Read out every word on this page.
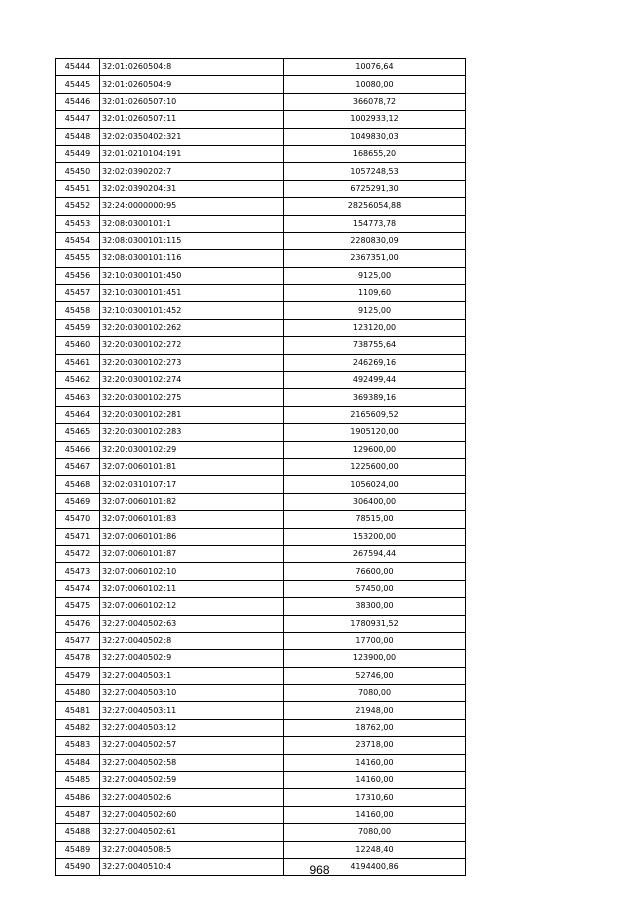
45444	32:01:0260504:8	10076,64
45445	32:01:0260504:9	10080,00
45446	32:01:0260507:10	366078,72
45447	32:01:0260507:11	1002933,12
45448	32:02:0350402:321	1049830,03
45449	32:01:0210104:191	168655,20
45450	32:02:0390202:7	1057248,53
45451	32:02:0390204:31	6725291,30
45452	32:24:0000000:95	28256054,88
45453	32:08:0300101:1	154773,78
45454	32:08:0300101:115	2280830,09
45455	32:08:0300101:116	2367351,00
45456	32:10:0300101:450	9125,00
45457	32:10:0300101:451	1109,60
45458	32:10:0300101:452	9125,00
45459	32:20:0300102:262	123120,00
45460	32:20:0300102:272	738755,64
45461	32:20:0300102:273	246269,16
45462	32:20:0300102:274	492499,44
45463	32:20:0300102:275	369389,16
45464	32:20:0300102:281	2165609,52
45465	32:20:0300102:283	1905120,00
45466	32:20:0300102:29	129600,00
45467	32:07:0060101:81	1225600,00
45468	32:02:0310107:17	1056024,00
45469	32:07:0060101:82	306400,00
45470	32:07:0060101:83	78515,00
45471	32:07:0060101:86	153200,00
45472	32:07:0060101:87	267594,44
45473	32:07:0060102:10	76600,00
45474	32:07:0060102:11	57450,00
45475	32:07:0060102:12	38300,00
45476	32:27:0040502:63	1780931,52
45477	32:27:0040502:8	17700,00
45478	32:27:0040502:9	123900,00
45479	32:27:0040503:1	52746,00
45480	32:27:0040503:10	7080,00
45481	32:27:0040503:11	21948,00
45482	32:27:0040503:12	18762,00
45483	32:27:0040502:57	23718,00
45484	32:27:0040502:58	14160,00
45485	32:27:0040502:59	14160,00
45486	32:27:0040502:6	17310,60
45487	32:27:0040502:60	14160,00
45488	32:27:0040502:61	7080,00
45489	32:27:0040508:5	12248,40
45490	32:27:0040510:4	4194400,86
968
